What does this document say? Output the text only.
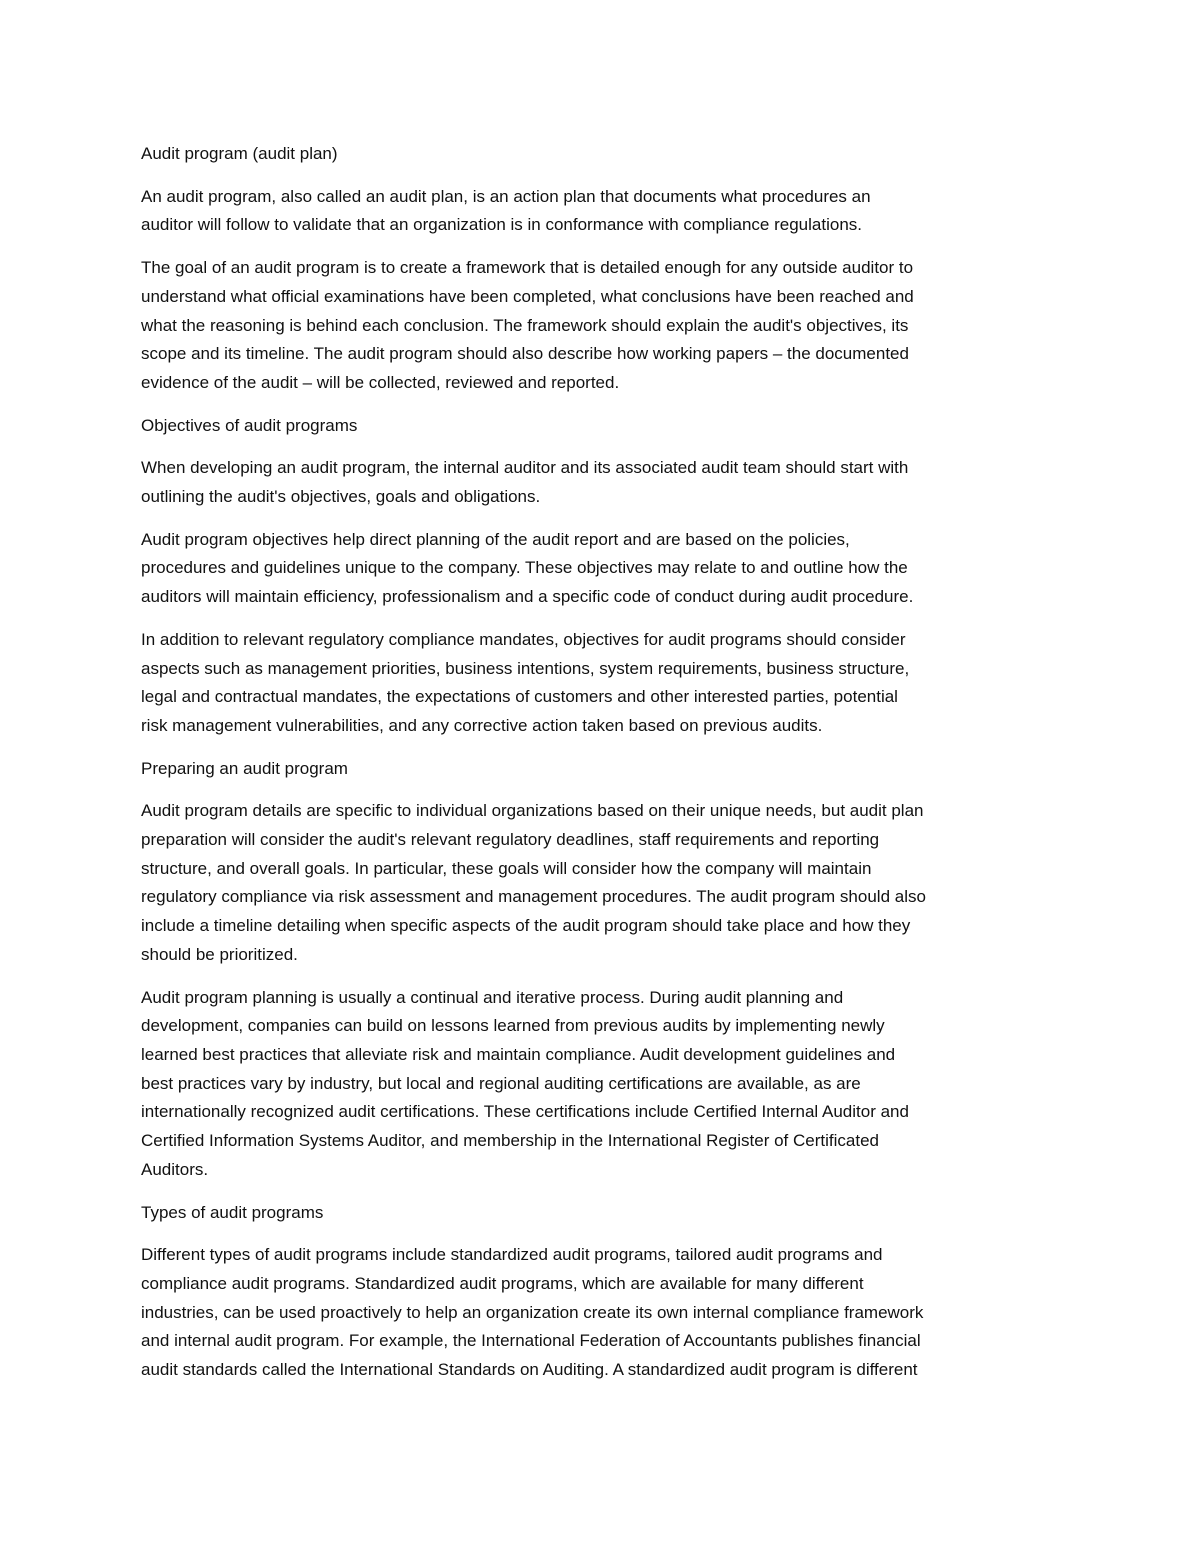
Audit program (audit plan)

An audit program, also called an audit plan, is an action plan that documents what procedures an
auditor will follow to validate that an organization is in conformance with compliance regulations.

The goal of an audit program is to create a framework that is detailed enough for any outside auditor to
understand what official examinations have been completed, what conclusions have been reached and
what the reasoning is behind each conclusion. The framework should explain the audit's objectives, its
scope and its timeline. The audit program should also describe how working papers – the documented
evidence of the audit – will be collected, reviewed and reported.

Objectives of audit programs

When developing an audit program, the internal auditor and its associated audit team should start with
outlining the audit's objectives, goals and obligations.

Audit program objectives help direct planning of the audit report and are based on the policies,
procedures and guidelines unique to the company. These objectives may relate to and outline how the
auditors will maintain efficiency, professionalism and a specific code of conduct during audit procedure.

In addition to relevant regulatory compliance mandates, objectives for audit programs should consider
aspects such as management priorities, business intentions, system requirements, business structure,
legal and contractual mandates, the expectations of customers and other interested parties, potential
risk management vulnerabilities, and any corrective action taken based on previous audits.

Preparing an audit program

Audit program details are specific to individual organizations based on their unique needs, but audit plan
preparation will consider the audit's relevant regulatory deadlines, staff requirements and reporting
structure, and overall goals. In particular, these goals will consider how the company will maintain
regulatory compliance via risk assessment and management procedures. The audit program should also
include a timeline detailing when specific aspects of the audit program should take place and how they
should be prioritized.

Audit program planning is usually a continual and iterative process. During audit planning and
development, companies can build on lessons learned from previous audits by implementing newly
learned best practices that alleviate risk and maintain compliance. Audit development guidelines and
best practices vary by industry, but local and regional auditing certifications are available, as are
internationally recognized audit certifications. These certifications include Certified Internal Auditor and
Certified Information Systems Auditor, and membership in the International Register of Certificated
Auditors.

Types of audit programs

Different types of audit programs include standardized audit programs, tailored audit programs and
compliance audit programs. Standardized audit programs, which are available for many different
industries, can be used proactively to help an organization create its own internal compliance framework
and internal audit program. For example, the International Federation of Accountants publishes financial
audit standards called the International Standards on Auditing. A standardized audit program is different
